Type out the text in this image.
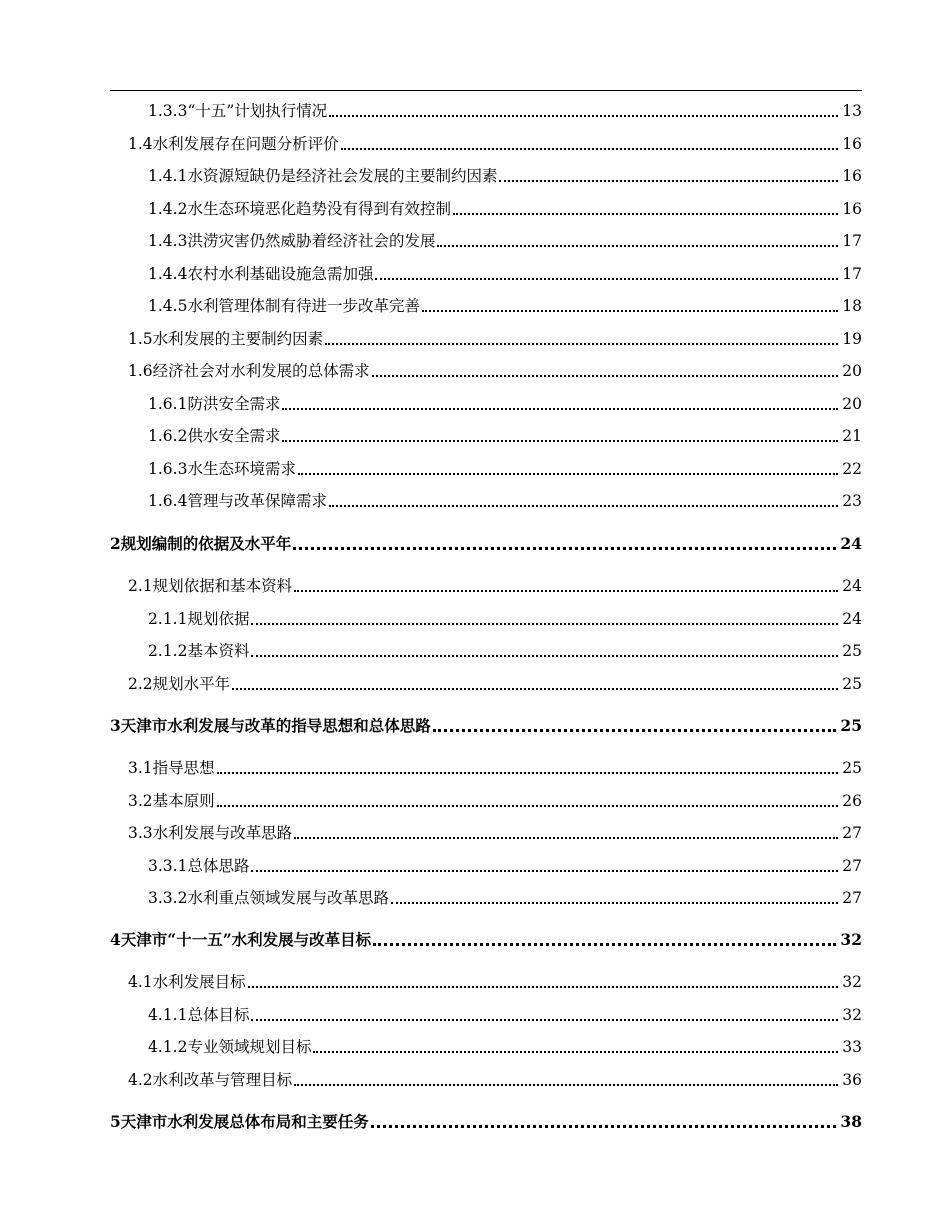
1.3.3“十五”计划执行情况	13
1.4水利发展存在问题分析评价	16
1.4.1水资源短缺仍是经济社会发展的主要制约因素	16
1.4.2水生态环境恶化趋势没有得到有效控制	16
1.4.3洪涝灾害仍然威胁着经济社会的发展	17
1.4.4农村水利基础设施急需加强	17
1.4.5水利管理体制有待进一步改革完善	18
1.5水利发展的主要制约因素	19
1.6经济社会对水利发展的总体需求	20
1.6.1防洪安全需求	20
1.6.2供水安全需求	21
1.6.3水生态环境需求	22
1.6.4管理与改革保障需求	23
2规划编制的依据及水平年	24
2.1规划依据和基本资料	24
2.1.1规划依据	24
2.1.2基本资料	25
2.2规划水平年	25
3天津市水利发展与改革的指导思想和总体思路	25
3.1指导思想	25
3.2基本原则	26
3.3水利发展与改革思路	27
3.3.1总体思路	27
3.3.2水利重点领域发展与改革思路	27
4天津市“十一五”水利发展与改革目标	32
4.1水利发展目标	32
4.1.1总体目标	32
4.1.2专业领域规划目标	33
4.2水利改革与管理目标	36
5天津市水利发展总体布局和主要任务	38
